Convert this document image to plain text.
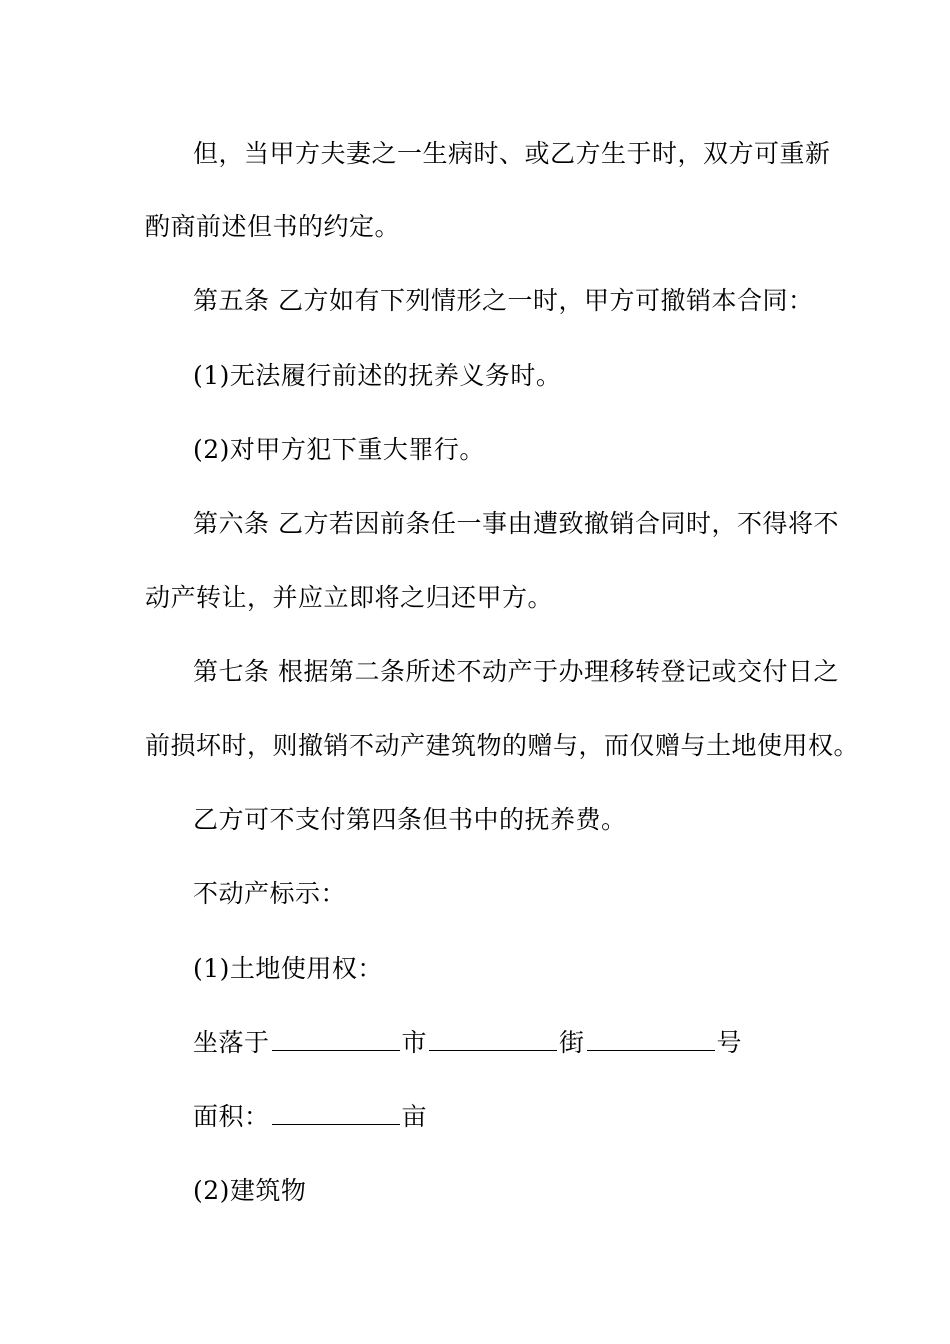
但，当甲方夫妻之一生病时、或乙方生于时，双方可重新
酌商前述但书的约定。
第五条 乙方如有下列情形之一时，甲方可撤销本合同：
(1)无法履行前述的抚养义务时。
(2)对甲方犯下重大罪行。
第六条 乙方若因前条任一事由遭致撤销合同时，不得将不
动产转让，并应立即将之归还甲方。
第七条 根据第二条所述不动产于办理移转登记或交付日之
前损坏时，则撤销不动产建筑物的赠与，而仅赠与土地使用权。
乙方可不支付第四条但书中的抚养费。
不动产标示：
(1)土地使用权：
坐落于	市	街	号
面积：	亩
(2)建筑物
